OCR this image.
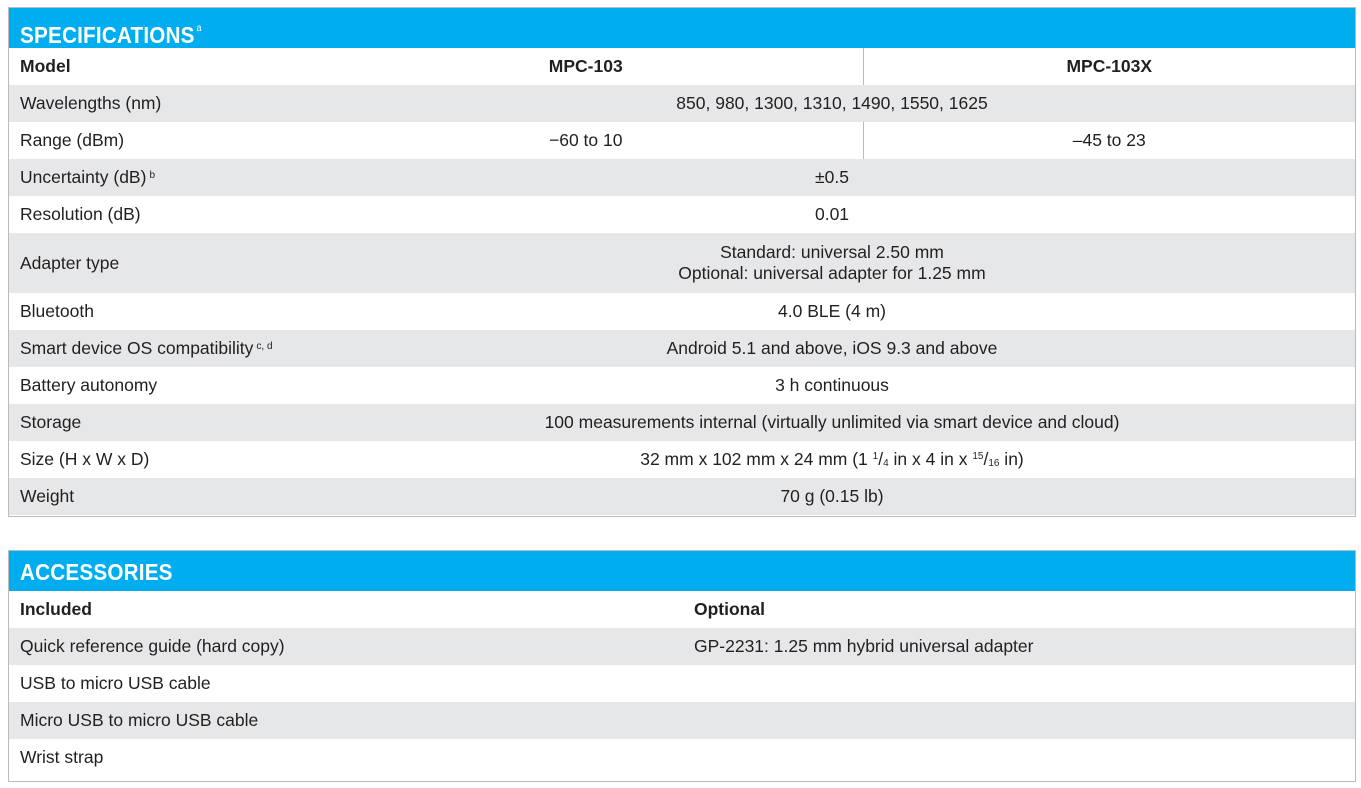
SPECIFICATIONS $^a$
Model	MPC-103	MPC-103X
Wavelengths (nm)	850, 980, 1300, 1310, 1490, 1550, 1625	
Range (dBm)	−60 to 10	–45 to 23
Uncertainty (dB) $^b$	±0.5	
Resolution (dB)	0.01	
Adapter type	Standard: universal 2.50 mm
Optional: universal adapter for 1.25 mm	

Bluetooth	4.0 BLE (4 m)	
Smart device OS compatibility $^{c, d}$	Android 5.1 and above, iOS 9.3 and above	
Battery autonomy	3 h continuous	
Storage	100 measurements internal (virtually unlimited via smart device and cloud)	
Size (H x W x D)	32 mm x 102 mm x 24 mm (1 $^1$/4 in x 4 in x $^{15}$/16 in)	
Weight	70 g (0.15 lb)	
ACCESSORIES
Included	Optional
Quick reference guide (hard copy)	GP-2231: 1.25 mm hybrid universal adapter
USB to micro USB cable	
Micro USB to micro USB cable	
Wrist strap	
